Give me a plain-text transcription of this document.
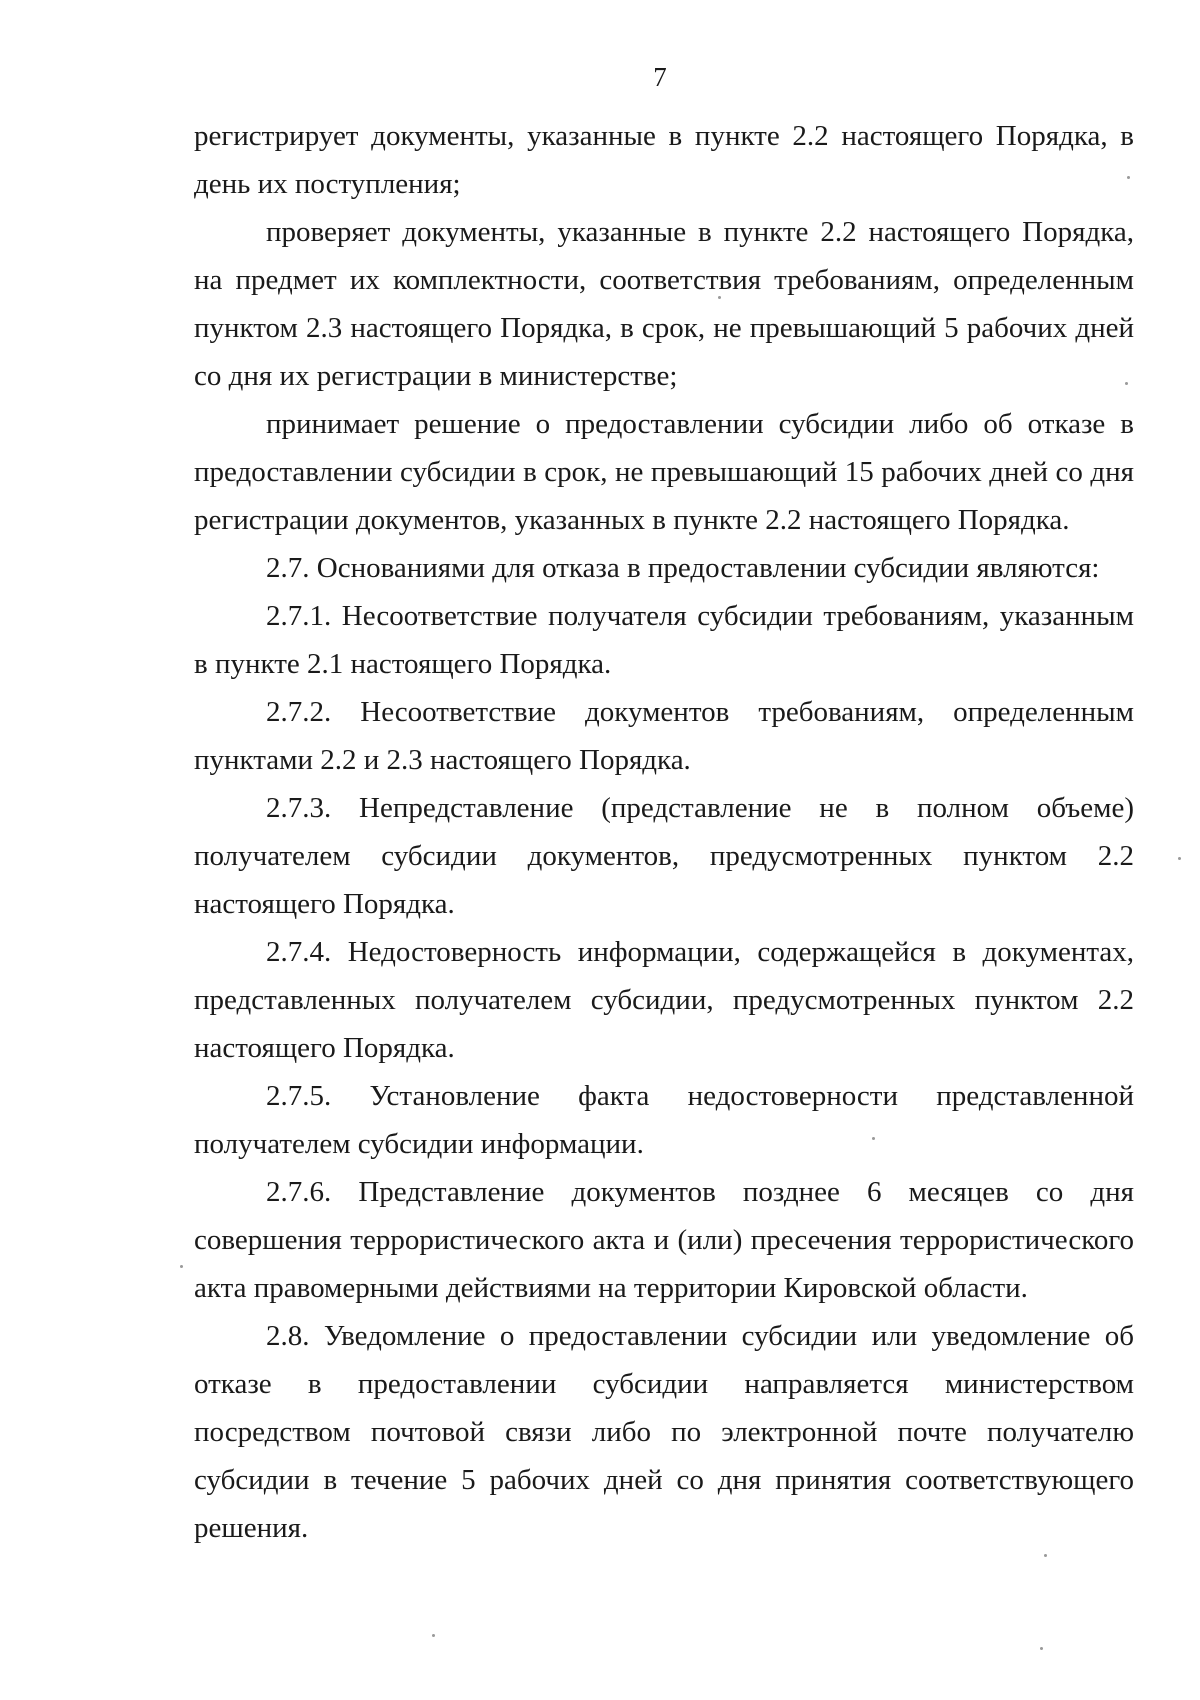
7

регистрирует документы, указанные в пункте 2.2 настоящего Порядка, в день их поступления;

проверяет документы, указанные в пункте 2.2 настоящего Порядка, на предмет их комплектности, соответствия требованиям, определенным пунктом 2.3 настоящего Порядка, в срок, не превышающий 5 рабочих дней со дня их регистрации в министерстве;

принимает решение о предоставлении субсидии либо об отказе в предоставлении субсидии в срок, не превышающий 15 рабочих дней со дня регистрации документов, указанных в пункте 2.2 настоящего Порядка.

2.7. Основаниями для отказа в предоставлении субсидии являются:

2.7.1. Несоответствие получателя субсидии требованиям, указанным в пункте 2.1 настоящего Порядка.

2.7.2. Несоответствие документов требованиям, определенным пунктами 2.2 и 2.3 настоящего Порядка.

2.7.3. Непредставление (представление не в полном объеме) получателем субсидии документов, предусмотренных пунктом 2.2 настоящего Порядка.

2.7.4. Недостоверность информации, содержащейся в документах, представленных получателем субсидии, предусмотренных пунктом 2.2 настоящего Порядка.

2.7.5. Установление факта недостоверности представленной получателем субсидии информации.

2.7.6. Представление документов позднее 6 месяцев со дня совершения террористического акта и (или) пресечения террористического акта правомерными действиями на территории Кировской области.

2.8. Уведомление о предоставлении субсидии или уведомление об отказе в предоставлении субсидии направляется министерством посредством почтовой связи либо по электронной почте получателю субсидии в течение 5 рабочих дней со дня принятия соответствующего решения.
